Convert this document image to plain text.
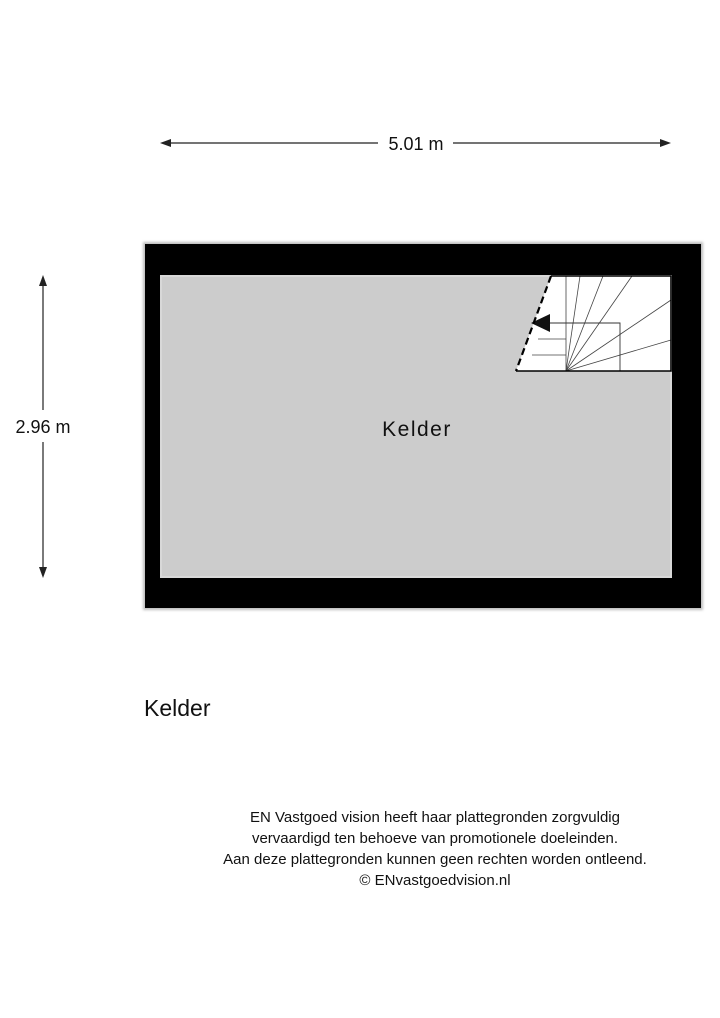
5.01 m
2.96 m	Kelder
Kelder
EN Vastgoed vision heeft haar plattegronden zorgvuldig
vervaardigd ten behoeve van promotionele doeleinden.
Aan deze plattegronden kunnen geen rechten worden ontleend.
© ENvastgoedvision.nl
